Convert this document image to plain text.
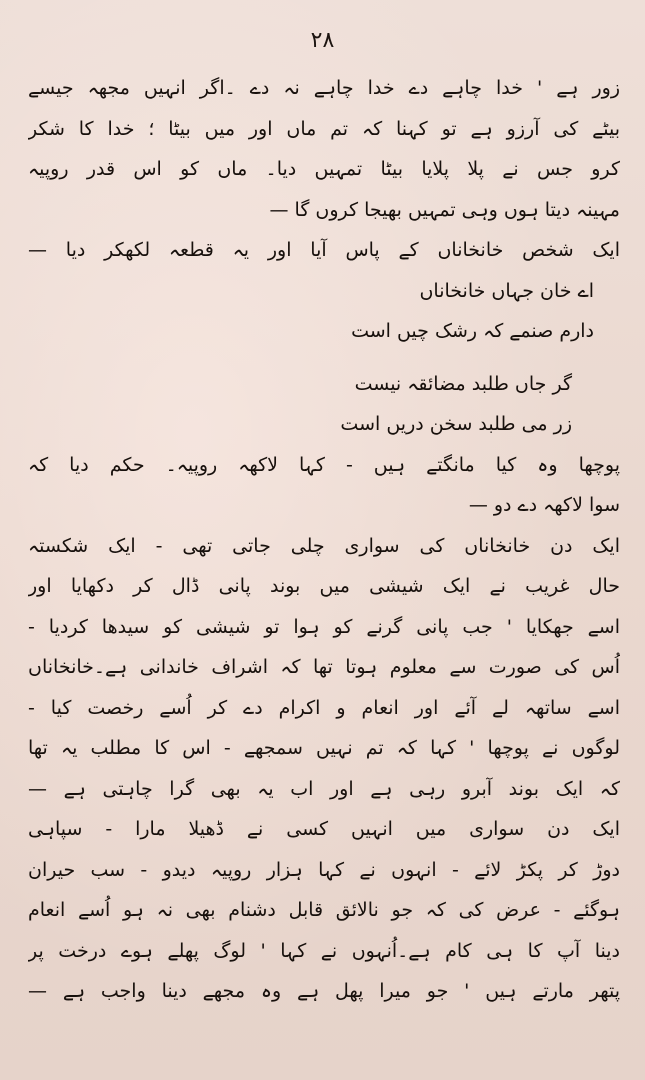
٢٨
زور ہے ' خدا چاہے دے خدا چاہے نہ دے ۔اگر انہیں مجھہ جیسے
بیٹے کی آرزو ہے تو کہنا کہ تم ماں اور میں بیٹا ؛ خدا کا شکر
کرو جس نے پلا پلایا بیٹا تمہیں دیا۔ ماں کو اس قدر روپیہ
مہینہ دیتا ہوں وہی تمہیں بھیجا کروں گا —
ایک شخص خانخاناں کے پاس آیا اور یہ قطعہ لکھکر دیا —
اے خان جہاں خانخاناں
دارم صنمے کہ رشک چیں است
گر جاں طلبد مضائقہ نیست
زر می طلبد سخن دریں است
پوچھا وہ کیا مانگتے ہیں - کہا لاکھہ روپیہ۔ حکم دیا کہ
سوا لاکھہ دے دو —
ایک دن خانخاناں کی سواری چلی جاتی تھی - ایک شکستہ
حال غریب نے ایک شیشی میں بوند پانی ڈال کر دکھایا اور
اسے جھکایا ' جب پانی گرنے کو ہوا تو شیشی کو سیدھا کردیا -
اُس کی صورت سے معلوم ہوتا تھا کہ اشراف خاندانی ہے۔خانخاناں
اسے ساتھہ لے آئے اور انعام و اکرام دے کر اُسے رخصت کیا -
لوگوں نے پوچھا ' کہا کہ تم نہیں سمجھے - اس کا مطلب یہ تھا
کہ ایک بوند آبرو رہی ہے اور اب یہ بھی گرا چاہتی ہے —
ایک دن سواری میں انہیں کسی نے ڈھیلا مارا - سپاہی
دوڑ کر پکڑ لائے - انہوں نے کہا ہزار روپیہ دیدو - سب حیران
ہوگئے - عرض کی کہ جو نالائق قابل دشنام بھی نہ ہو اُسے انعام
دینا آپ کا ہی کام ہے۔اُنہوں نے کہا ' لوگ پھلے ہوے درخت پر
پتھر مارتے ہیں ' جو میرا پھل ہے وہ مجھے دینا واجب ہے —
